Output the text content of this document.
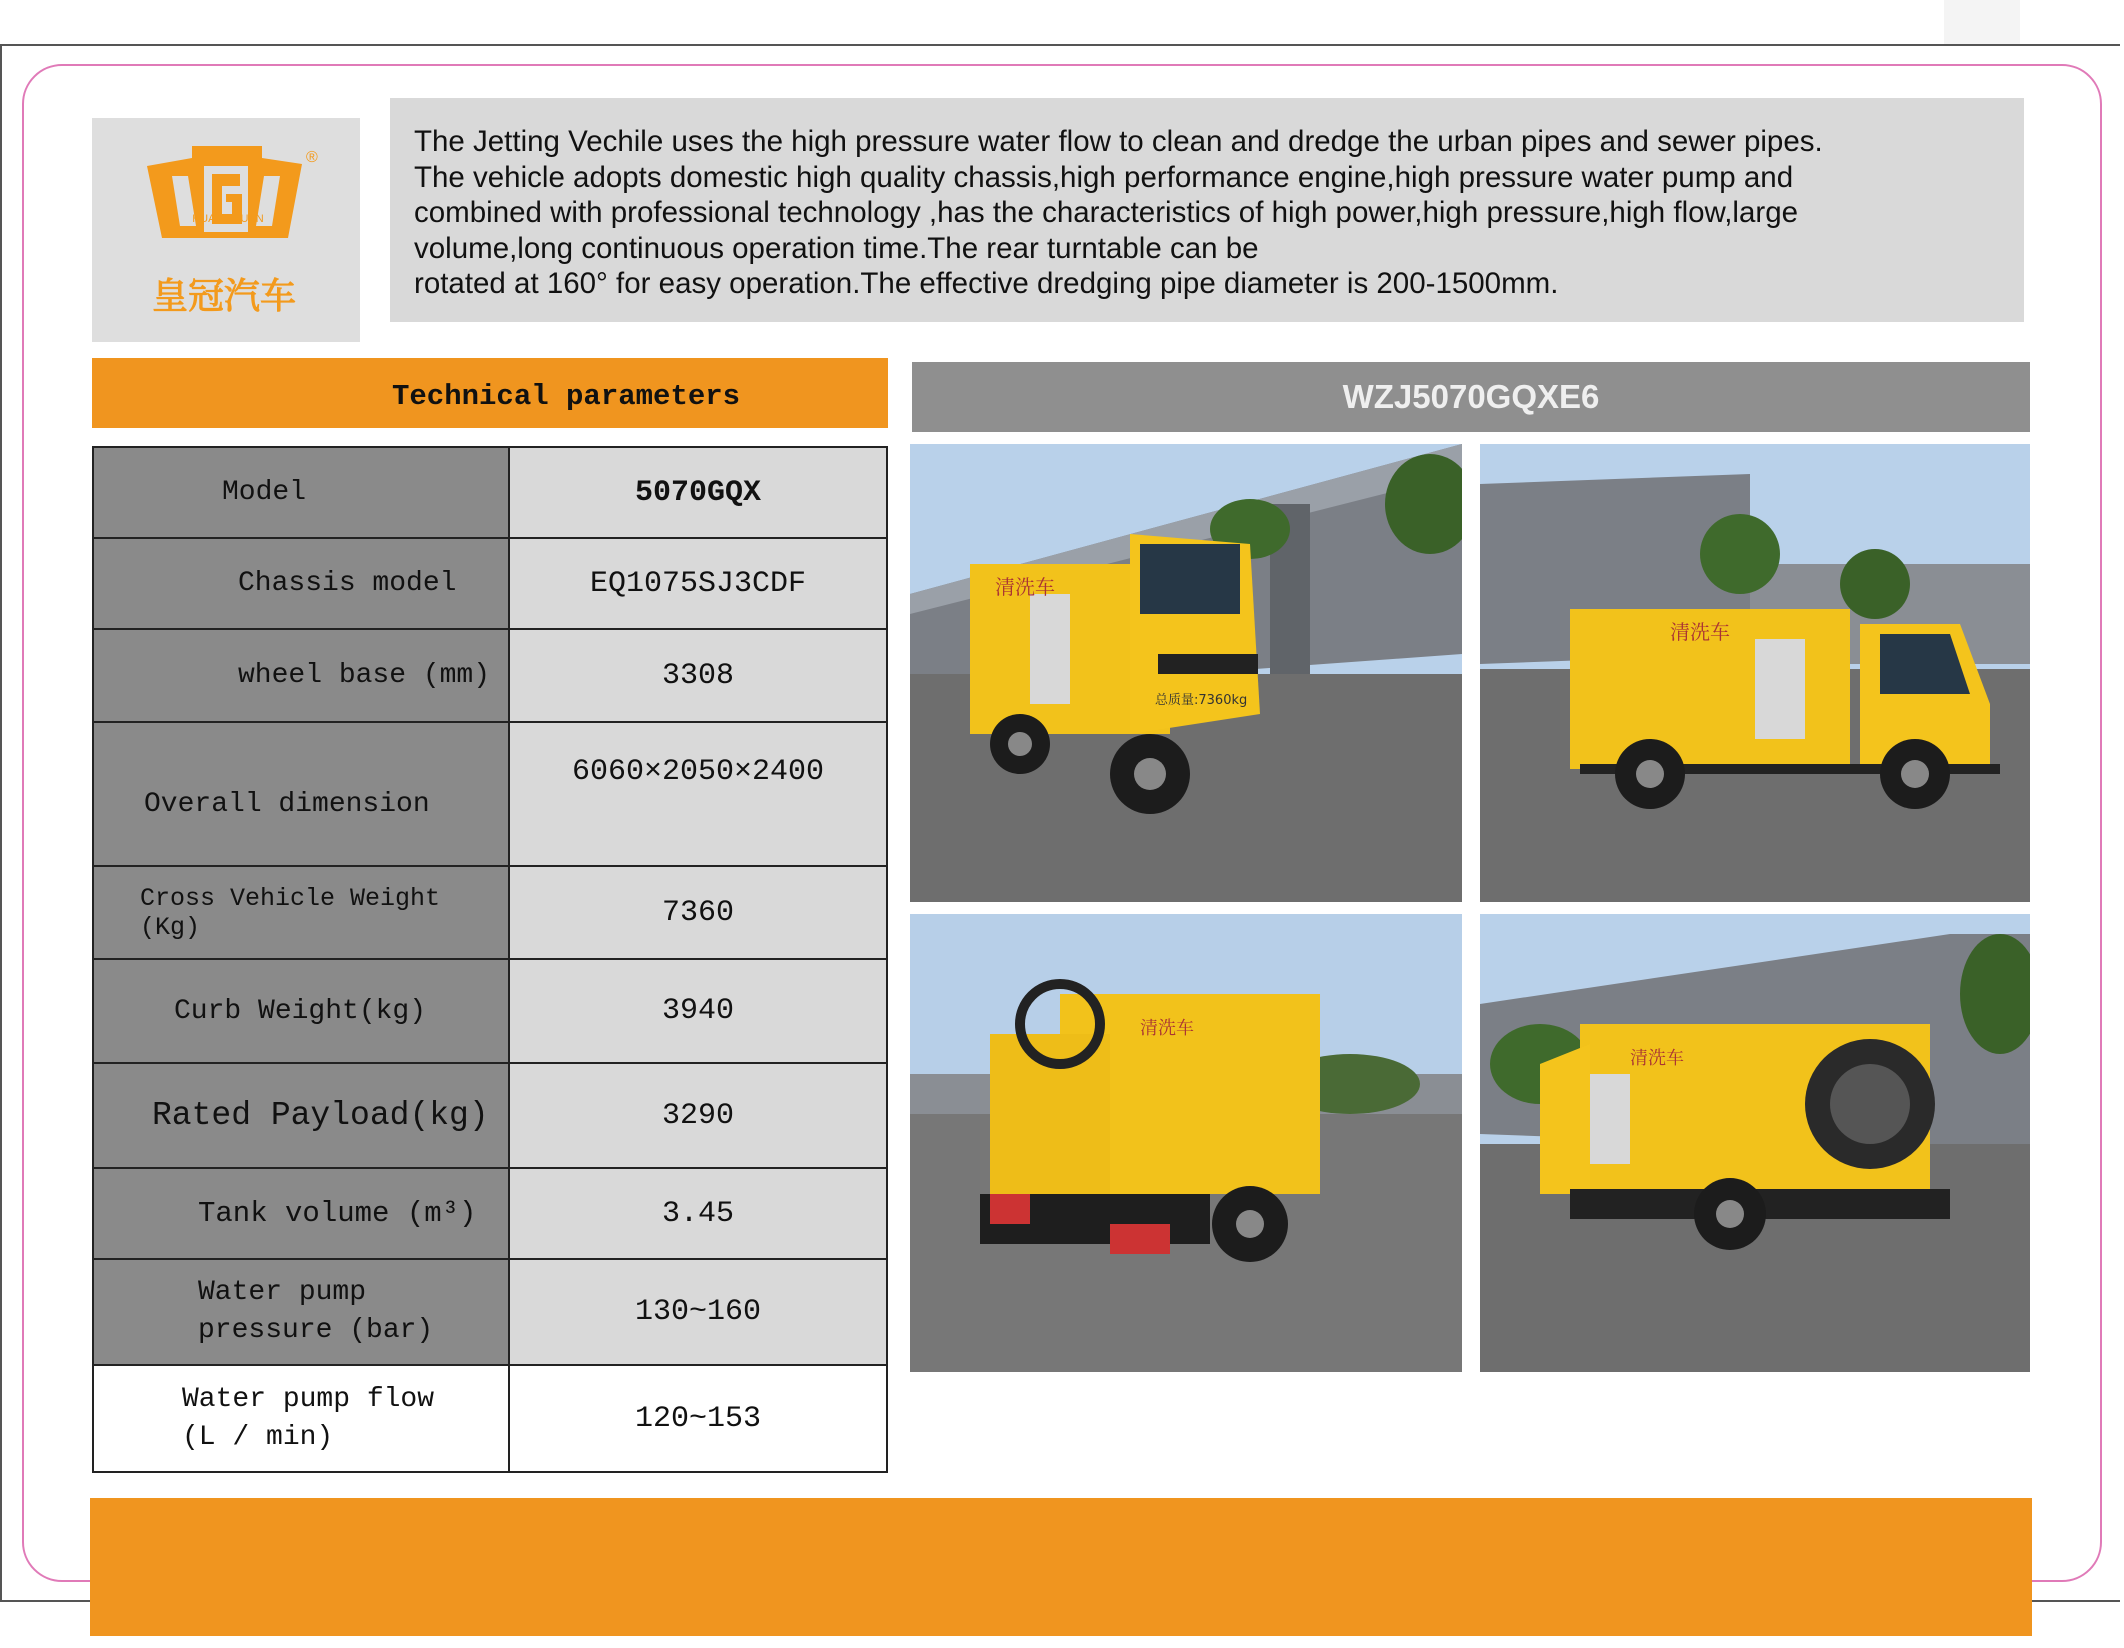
HUANGGUAN
®
皇冠汽车
The Jetting Vechile uses the high pressure water flow to clean and dredge the urban pipes and sewer pipes.
The vehicle adopts domestic high quality chassis,high performance engine,high pressure water pump and
combined with professional technology ,has the characteristics of high power,high pressure,high flow,large
volume,long continuous operation time.The rear turntable can be
rotated at 160° for easy operation.The effective dredging pipe diameter is 200-1500mm.
Technical parameters
Model	5070GQX

Chassis model	EQ1075SJ3CDF

wheel base (mm)	3308

Overall dimension	6060×2050×2400

Cross Vehicle Weight (Kg)	7360

Curb Weight(kg)	3940

Rated Payload(kg)	3290

Tank volume (m³)	3.45

Water pump
pressure (bar)	130~160

Water pump flow
(L / min)	120~153
WZJ5070GQXE6
清洗车
总质量:7360kg
清洗车
清洗车
清洗车
